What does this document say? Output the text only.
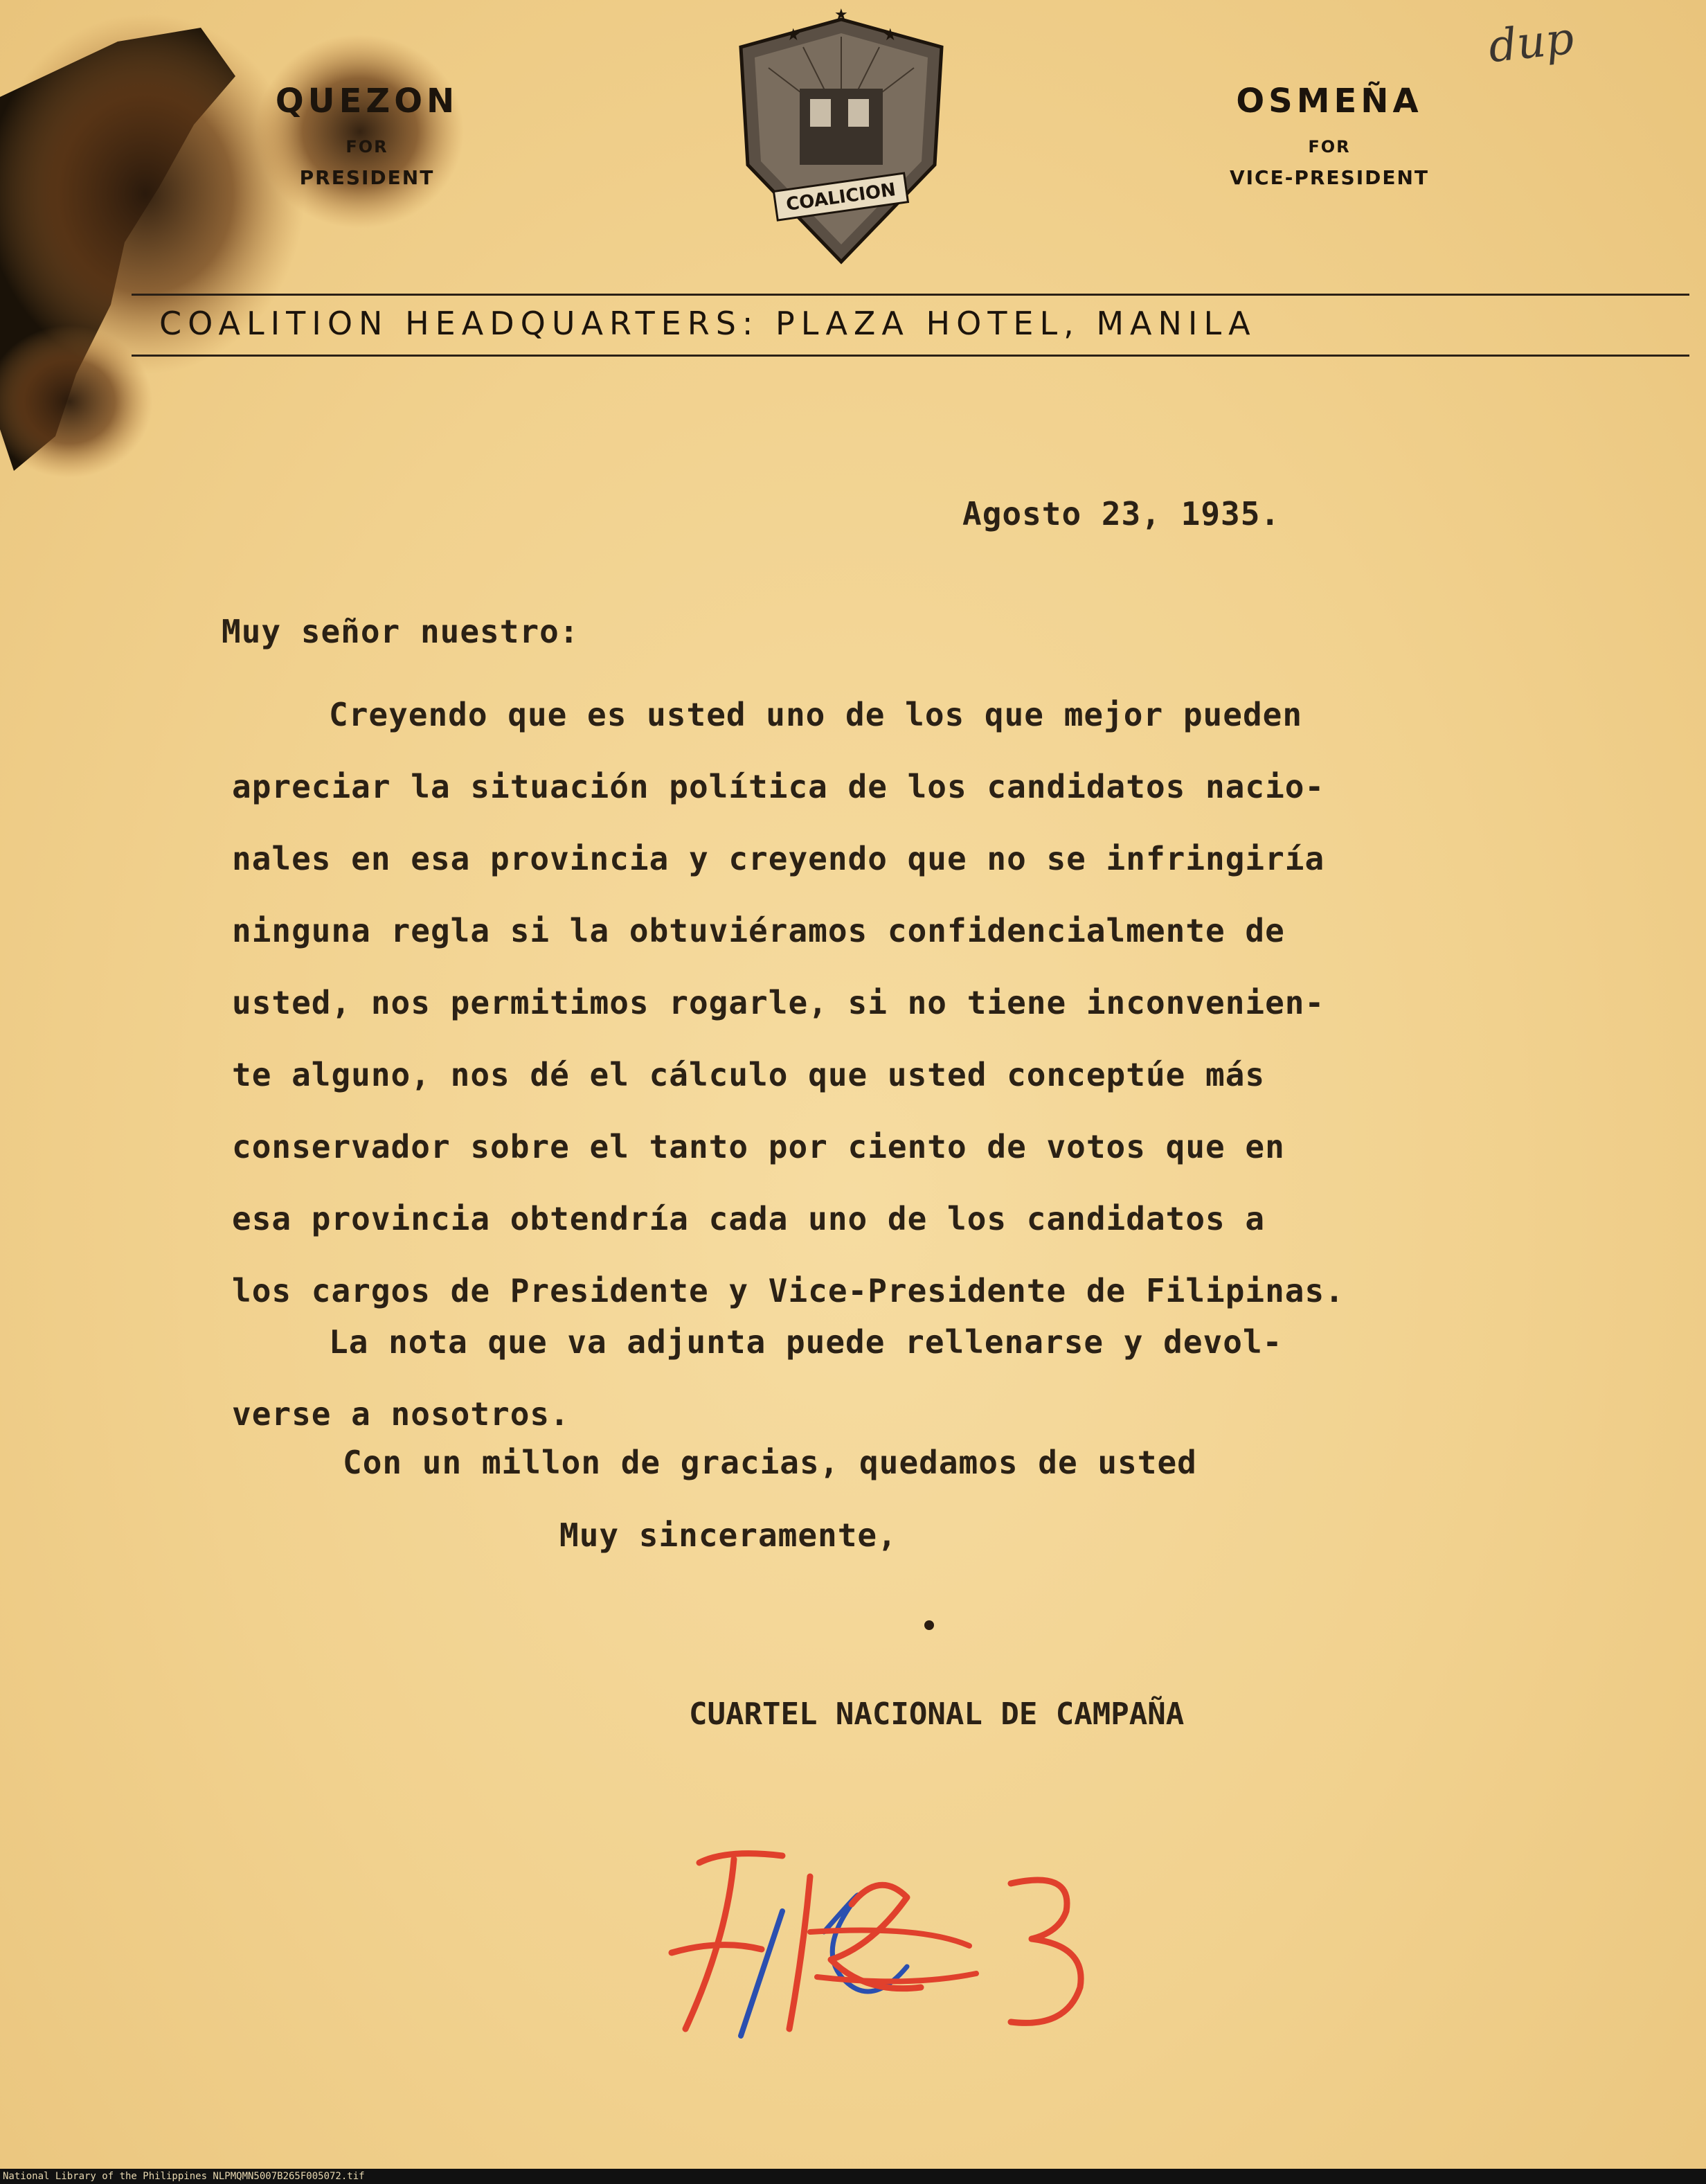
dup
QUEZON
FOR
PRESIDENT
★	★
★
COALICION
OSMEÑA
FOR
VICE-PRESIDENT
COALITION HEADQUARTERS: PLAZA HOTEL, MANILA
Agosto 23, 1935.
Muy señor nuestro:
Creyendo que es usted uno de los que mejor pueden
apreciar la situación política de los candidatos nacio-
nales en esa provincia y creyendo que no se infringiría
ninguna regla si la obtuviéramos confidencialmente de
usted, nos permitimos rogarle, si no tiene inconvenien-
te alguno, nos dé el cálculo que usted conceptúe más
conservador sobre el tanto por ciento de votos que en
esa provincia obtendría cada uno de los candidatos a
los cargos de Presidente y Vice-Presidente de Filipinas.
La nota que va adjunta puede rellenarse y devol-
verse a nosotros.
Con un millon de gracias, quedamos de usted
Muy sinceramente,
CUARTEL NACIONAL DE CAMPAÑA
National Library of the Philippines NLPMQMN5007B265F005072.tif
